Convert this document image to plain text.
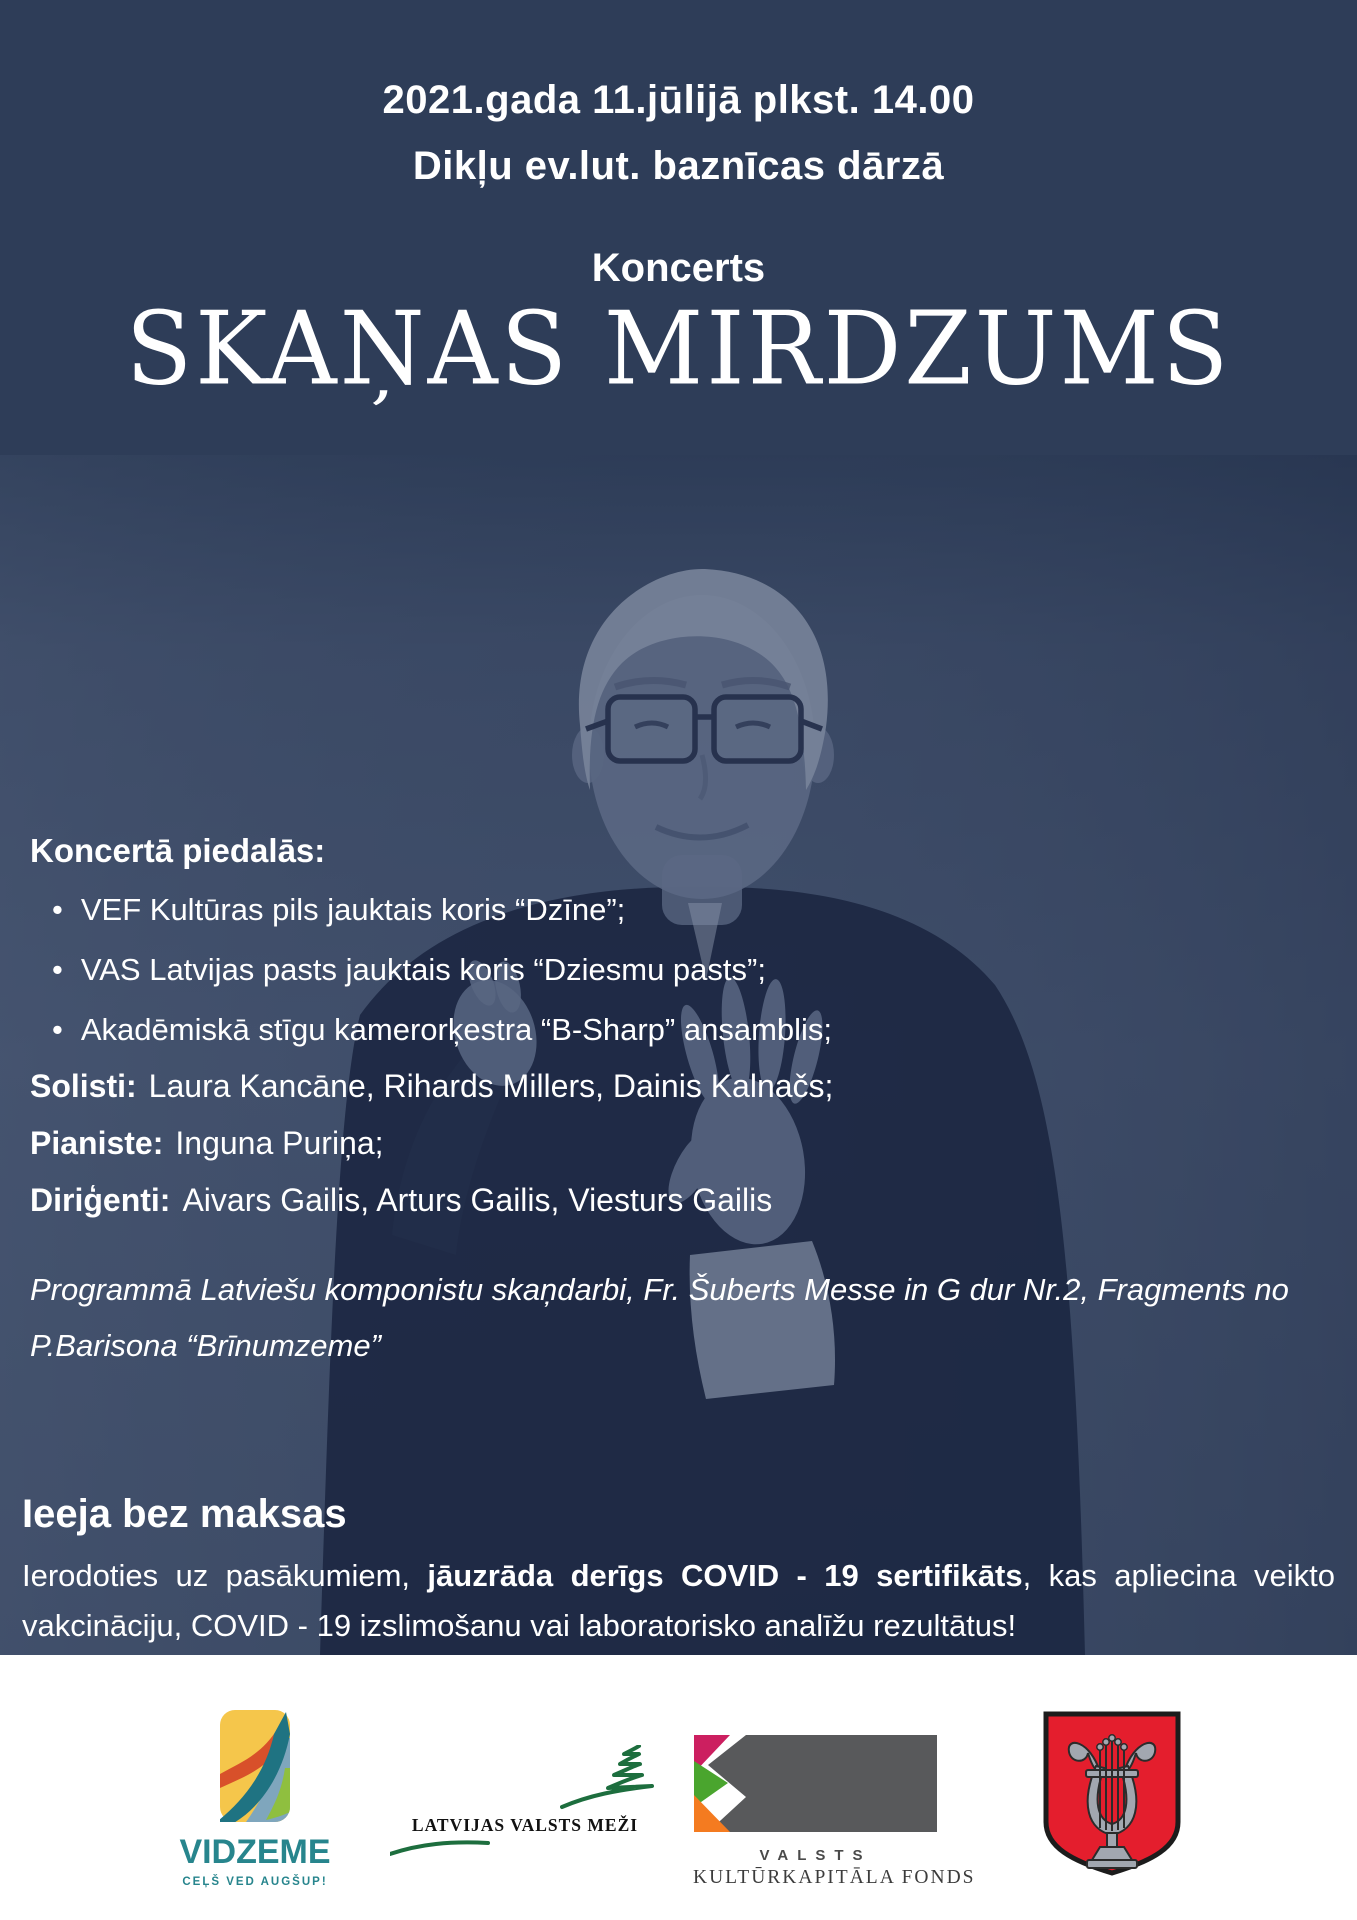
2021.gada 11.jūlijā plkst. 14.00
Dikļu ev.lut. baznīcas dārzā
Koncerts
SKAŅAS MIRDZUMS
Koncertā piedalās:
• VEF Kultūras pils jauktais koris “Dzīne”;
• VAS Latvijas pasts jauktais koris “Dziesmu pasts”;
• Akadēmiskā stīgu kamerorķestra “B-Sharp” ansamblis;
Solisti: Laura Kancāne, Rihards Millers, Dainis Kalnačs;
Pianiste: Inguna Puriņa;
Diriģenti: Aivars Gailis, Arturs Gailis, Viesturs Gailis

Programmā Latviešu komponistu skaņdarbi, Fr. Šuberts Messe in G dur Nr.2, Fragments no P.Barisona “Brīnumzeme”

Ieeja bez maksas

Ierodoties uz pasākumiem, jāuzrāda derīgs COVID - 19 sertifikāts, kas apliecina veikto vakcināciju, COVID - 19 izslimošanu vai laboratorisko analīžu rezultātus!

VIDZEME
CEĻŠ VED AUGŠUP!
LATVIJAS VALSTS MEŽI
VALSTS
KULTŪRKAPITĀLA FONDS
